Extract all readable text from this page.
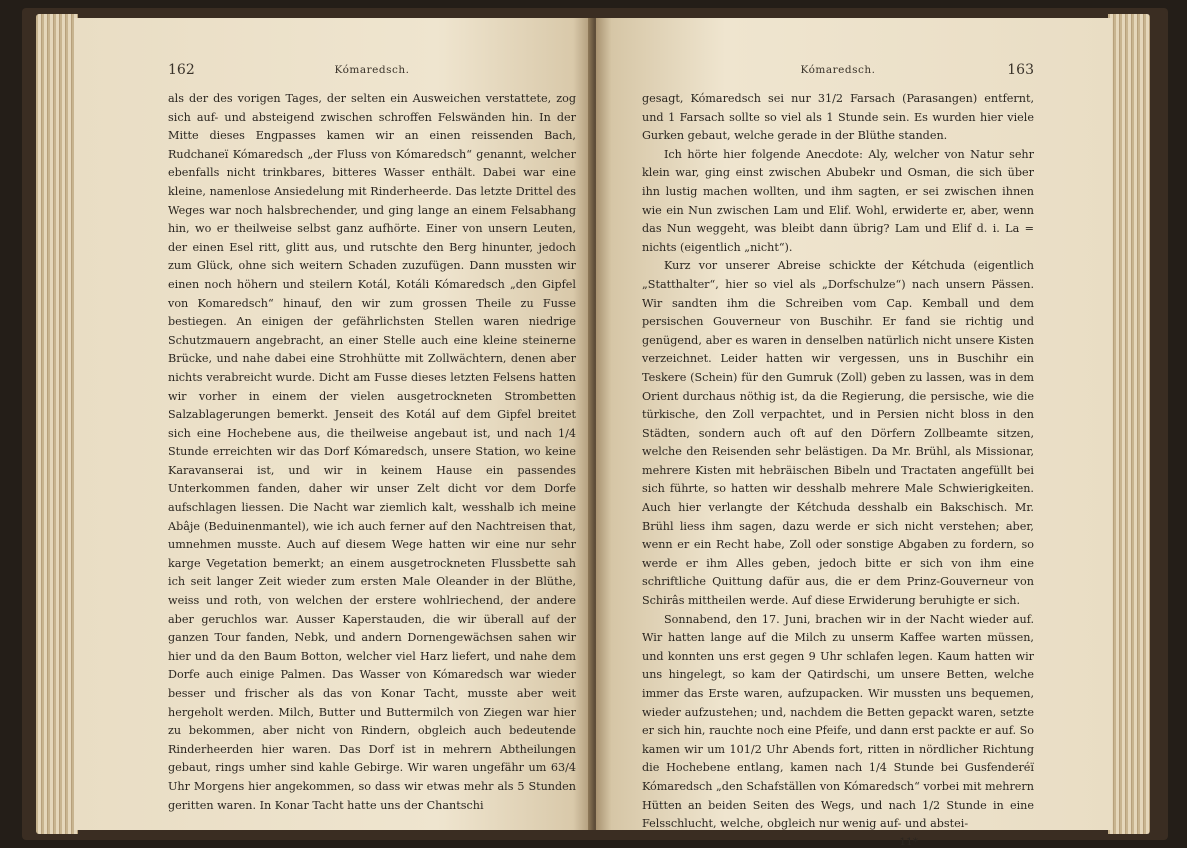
162	Kómaredsch.

als der des vorigen Tages, der selten ein Ausweichen verstattete, zog sich auf- und absteigend zwischen schroffen Felswänden hin. In der Mitte dieses Engpasses kamen wir an einen reissenden Bach, Rudchaneï Kómaredsch „der Fluss von Kómaredsch“ genannt, welcher ebenfalls nicht trinkbares, bitteres Wasser enthält. Dabei war eine kleine, namenlose Ansiedelung mit Rinderheerde. Das letzte Drittel des Weges war noch halsbrechender, und ging lange an einem Felsabhang hin, wo er theilweise selbst ganz aufhörte. Einer von unsern Leuten, der einen Esel ritt, glitt aus, und rutschte den Berg hinunter, jedoch zum Glück, ohne sich weitern Schaden zuzufügen. Dann mussten wir einen noch höhern und steilern Kotál, Kotáli Kómaredsch „den Gipfel von Komaredsch“ hinauf, den wir zum grossen Theile zu Fusse bestiegen. An einigen der gefährlichsten Stellen waren niedrige Schutzmauern angebracht, an einer Stelle auch eine kleine steinerne Brücke, und nahe dabei eine Strohhütte mit Zollwächtern, denen aber nichts verabreicht wurde. Dicht am Fusse dieses letzten Felsens hatten wir vorher in einem der vielen ausgetrockneten Strombetten Salzablagerungen bemerkt. Jenseit des Kotál auf dem Gipfel breitet sich eine Hochebene aus, die theilweise angebaut ist, und nach 1/4 Stunde erreichten wir das Dorf Kómaredsch, unsere Station, wo keine Karavanserai ist, und wir in keinem Hause ein passendes Unterkommen fanden, daher wir unser Zelt dicht vor dem Dorfe aufschlagen liessen. Die Nacht war ziemlich kalt, wesshalb ich meine Abâje (Beduinenmantel), wie ich auch ferner auf den Nachtreisen that, umnehmen musste. Auch auf diesem Wege hatten wir eine nur sehr karge Vegetation bemerkt; an einem ausgetrockneten Flussbette sah ich seit langer Zeit wieder zum ersten Male Oleander in der Blüthe, weiss und roth, von welchen der erstere wohlriechend, der andere aber geruchlos war. Ausser Kaperstauden, die wir überall auf der ganzen Tour fanden, Nebk, und andern Dornengewächsen sahen wir hier und da den Baum Botton, welcher viel Harz liefert, und nahe dem Dorfe auch einige Palmen. Das Wasser von Kómaredsch war wieder besser und frischer als das von Konar Tacht, musste aber weit hergeholt werden. Milch, Butter und Buttermilch von Ziegen war hier zu bekommen, aber nicht von Rindern, obgleich auch bedeutende Rinderheerden hier waren. Das Dorf ist in mehrern Abtheilungen gebaut, rings umher sind kahle Gebirge. Wir waren ungefähr um 63/4 Uhr Morgens hier angekommen, so dass wir etwas mehr als 5 Stunden geritten waren. In Konar Tacht hatte uns der Chantschi

Kómaredsch.	163

gesagt, Kómaredsch sei nur 31/2 Farsach (Parasangen) entfernt, und 1 Farsach sollte so viel als 1 Stunde sein. Es wurden hier viele Gurken gebaut, welche gerade in der Blüthe standen.

Ich hörte hier folgende Anecdote: Aly, welcher von Natur sehr klein war, ging einst zwischen Abubekr und Osman, die sich über ihn lustig machen wollten, und ihm sagten, er sei zwischen ihnen wie ein Nun zwischen Lam und Elif. Wohl, erwiderte er, aber, wenn das Nun weggeht, was bleibt dann übrig? Lam und Elif d. i. La = nichts (eigentlich „nicht“).

Kurz vor unserer Abreise schickte der Kétchuda (eigentlich „Statthalter“, hier so viel als „Dorfschulze“) nach unsern Pässen. Wir sandten ihm die Schreiben vom Cap. Kemball und dem persischen Gouverneur von Buschihr. Er fand sie richtig und genügend, aber es waren in denselben natürlich nicht unsere Kisten verzeichnet. Leider hatten wir vergessen, uns in Buschihr ein Teskere (Schein) für den Gumruk (Zoll) geben zu lassen, was in dem Orient durchaus nöthig ist, da die Regierung, die persische, wie die türkische, den Zoll verpachtet, und in Persien nicht bloss in den Städten, sondern auch oft auf den Dörfern Zollbeamte sitzen, welche den Reisenden sehr belästigen. Da Mr. Brühl, als Missionar, mehrere Kisten mit hebräischen Bibeln und Tractaten angefüllt bei sich führte, so hatten wir desshalb mehrere Male Schwierigkeiten. Auch hier verlangte der Kétchuda desshalb ein Bakschisch. Mr. Brühl liess ihm sagen, dazu werde er sich nicht verstehen; aber, wenn er ein Recht habe, Zoll oder sonstige Abgaben zu fordern, so werde er ihm Alles geben, jedoch bitte er sich von ihm eine schriftliche Quittung dafür aus, die er dem Prinz-Gouverneur von Schirâs mittheilen werde. Auf diese Erwiderung beruhigte er sich.

Sonnabend, den 17. Juni, brachen wir in der Nacht wieder auf. Wir hatten lange auf die Milch zu unserm Kaffee warten müssen, und konnten uns erst gegen 9 Uhr schlafen legen. Kaum hatten wir uns hingelegt, so kam der Qatirdschi, um unsere Betten, welche immer das Erste waren, aufzupacken. Wir mussten uns bequemen, wieder aufzustehen; und, nachdem die Betten gepackt waren, setzte er sich hin, rauchte noch eine Pfeife, und dann erst packte er auf. So kamen wir um 101/2 Uhr Abends fort, ritten in nördlicher Richtung die Hochebene entlang, kamen nach 1/4 Stunde bei Gusfenderéï Kómaredsch „den Schafställen von Kómaredsch“ vorbei mit mehrern Hütten an beiden Seiten des Wegs, und nach 1/2 Stunde in eine Felsschlucht, welche, obgleich nur wenig auf- und abstei-

11*
